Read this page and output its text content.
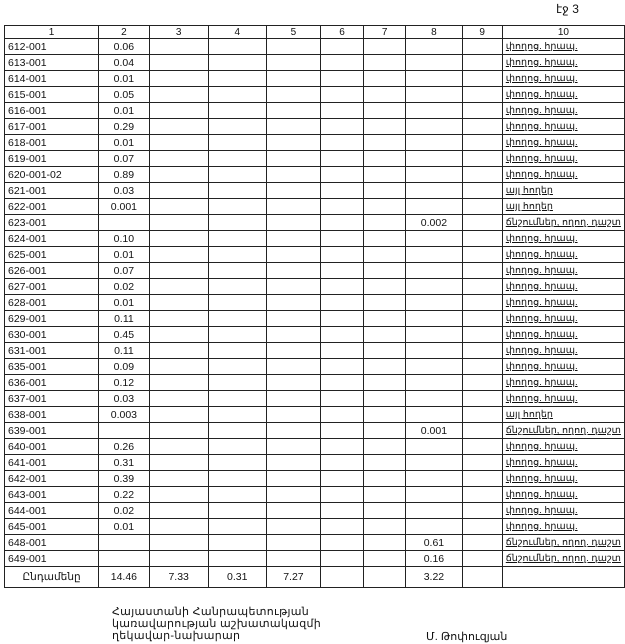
էջ 3
1	2	3	4	5	6	7	8	9	10
612-001	0.06								փողոց. հրապ.
613-001	0.04								փողոց. հրապ.
614-001	0.01								փողոց. հրապ.
615-001	0.05								փողոց. հրապ.
616-001	0.01								փողոց. հրապ.
617-001	0.29								փողոց. հրապ.
618-001	0.01								փողոց. հրապ.
619-001	0.07								փողոց. հրապ.
620-001-02	0.89								փողոց. հրապ.
621-001	0.03								այլ հողեր
622-001	0.001								այլ հողեր
623-001							0.002		ճնշումներ, ողող. դաշտ
624-001	0.10								փողոց. հրապ.
625-001	0.01								փողոց. հրապ.
626-001	0.07								փողոց. հրապ.
627-001	0.02								փողոց. հրապ.
628-001	0.01								փողոց. հրապ.
629-001	0.11								փողոց. հրապ.
630-001	0.45								փողոց. հրապ.
631-001	0.11								փողոց. հրապ.
635-001	0.09								փողոց. հրապ.
636-001	0.12								փողոց. հրապ.
637-001	0.03								փողոց. հրապ.
638-001	0.003								այլ հողեր
639-001							0.001		ճնշումներ, ողող. դաշտ
640-001	0.26								փողոց. հրապ.
641-001	0.31								փողոց. հրապ.
642-001	0.39								փողոց. հրապ.
643-001	0.22								փողոց. հրապ.
644-001	0.02								փողոց. հրապ.
645-001	0.01								փողոց. հրապ.
648-001							0.61		ճնշումներ, ողող. դաշտ
649-001							0.16		ճնշումներ, ողող. դաշտ
Ընդամենը	14.46	7.33	0.31	7.27			3.22		
Հայաստանի Հանրապետության
կառավարության աշխատակազմի
ղեկավար-նախարար	Մ. Թոփուզյան
